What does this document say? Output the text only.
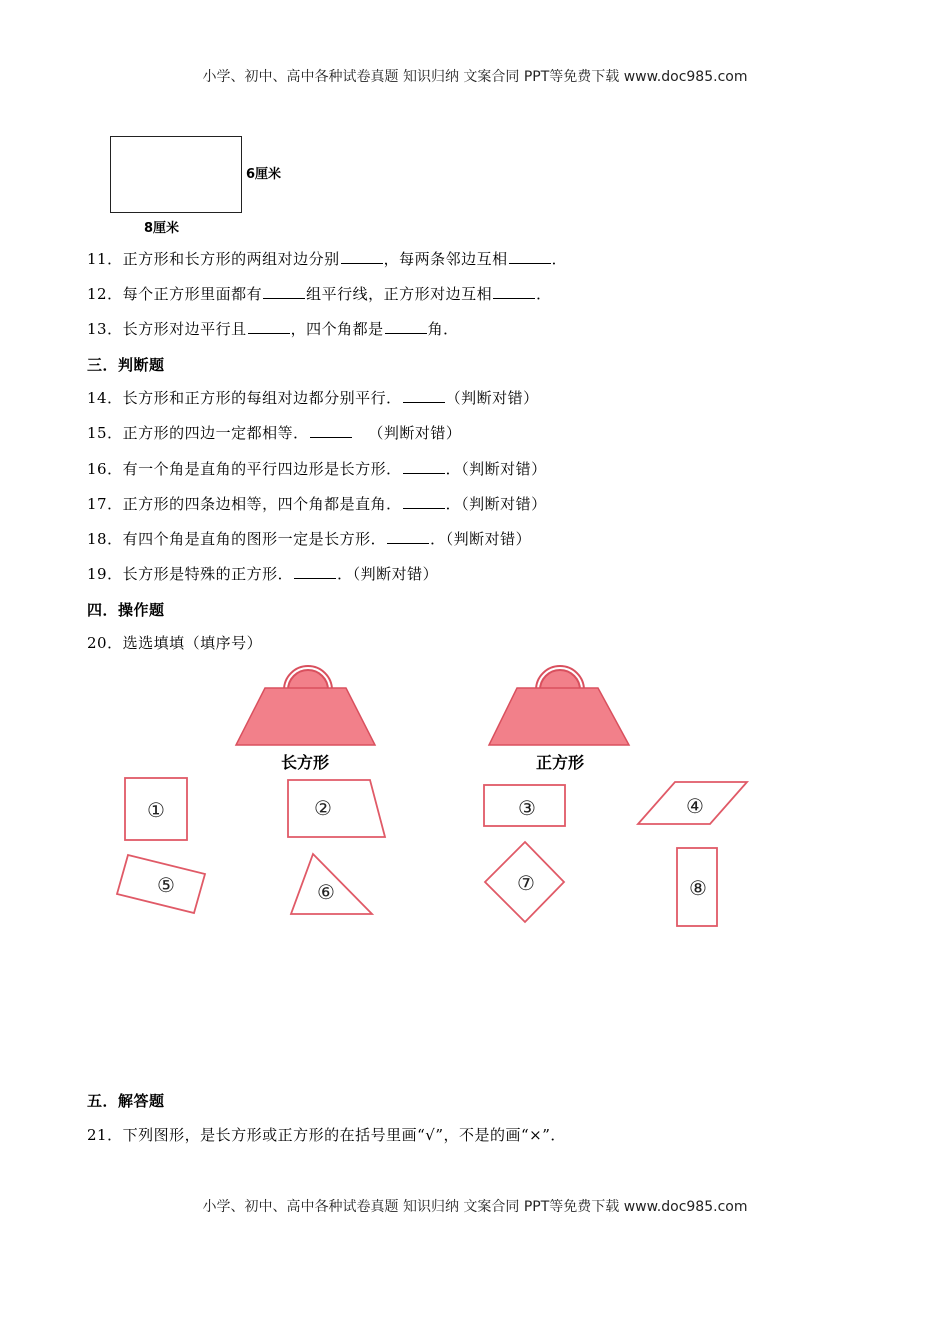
小学、初中、高中各种试卷真题 知识归纳 文案合同 PPT等免费下载 www.doc985.com
6厘米
8厘米
11．正方形和长方形的两组对边分别	，每两条邻边互相	．
12．每个正方形里面都有	组平行线，正方形对边互相	．
13．长方形对边平行且	，四个角都是	角．
三．判断题
14．长方形和正方形的每组对边都分别平行．	（判断对错）
15．正方形的四边一定都相等．	（判断对错）
16．有一个角是直角的平行四边形是长方形．	．（判断对错）
17．正方形的四条边相等，四个角都是直角．	．（判断对错）
18．有四个角是直角的图形一定是长方形．	．（判断对错）
19．长方形是特殊的正方形．	．（判断对错）
四．操作题
20．选选填填（填序号）
长方形	正方形
①	②	③	④
⑤	⑥	⑦	⑧
五．解答题
21．下列图形，是长方形或正方形的在括号里画“√”，不是的画“×”．
小学、初中、高中各种试卷真题 知识归纳 文案合同 PPT等免费下载 www.doc985.com
